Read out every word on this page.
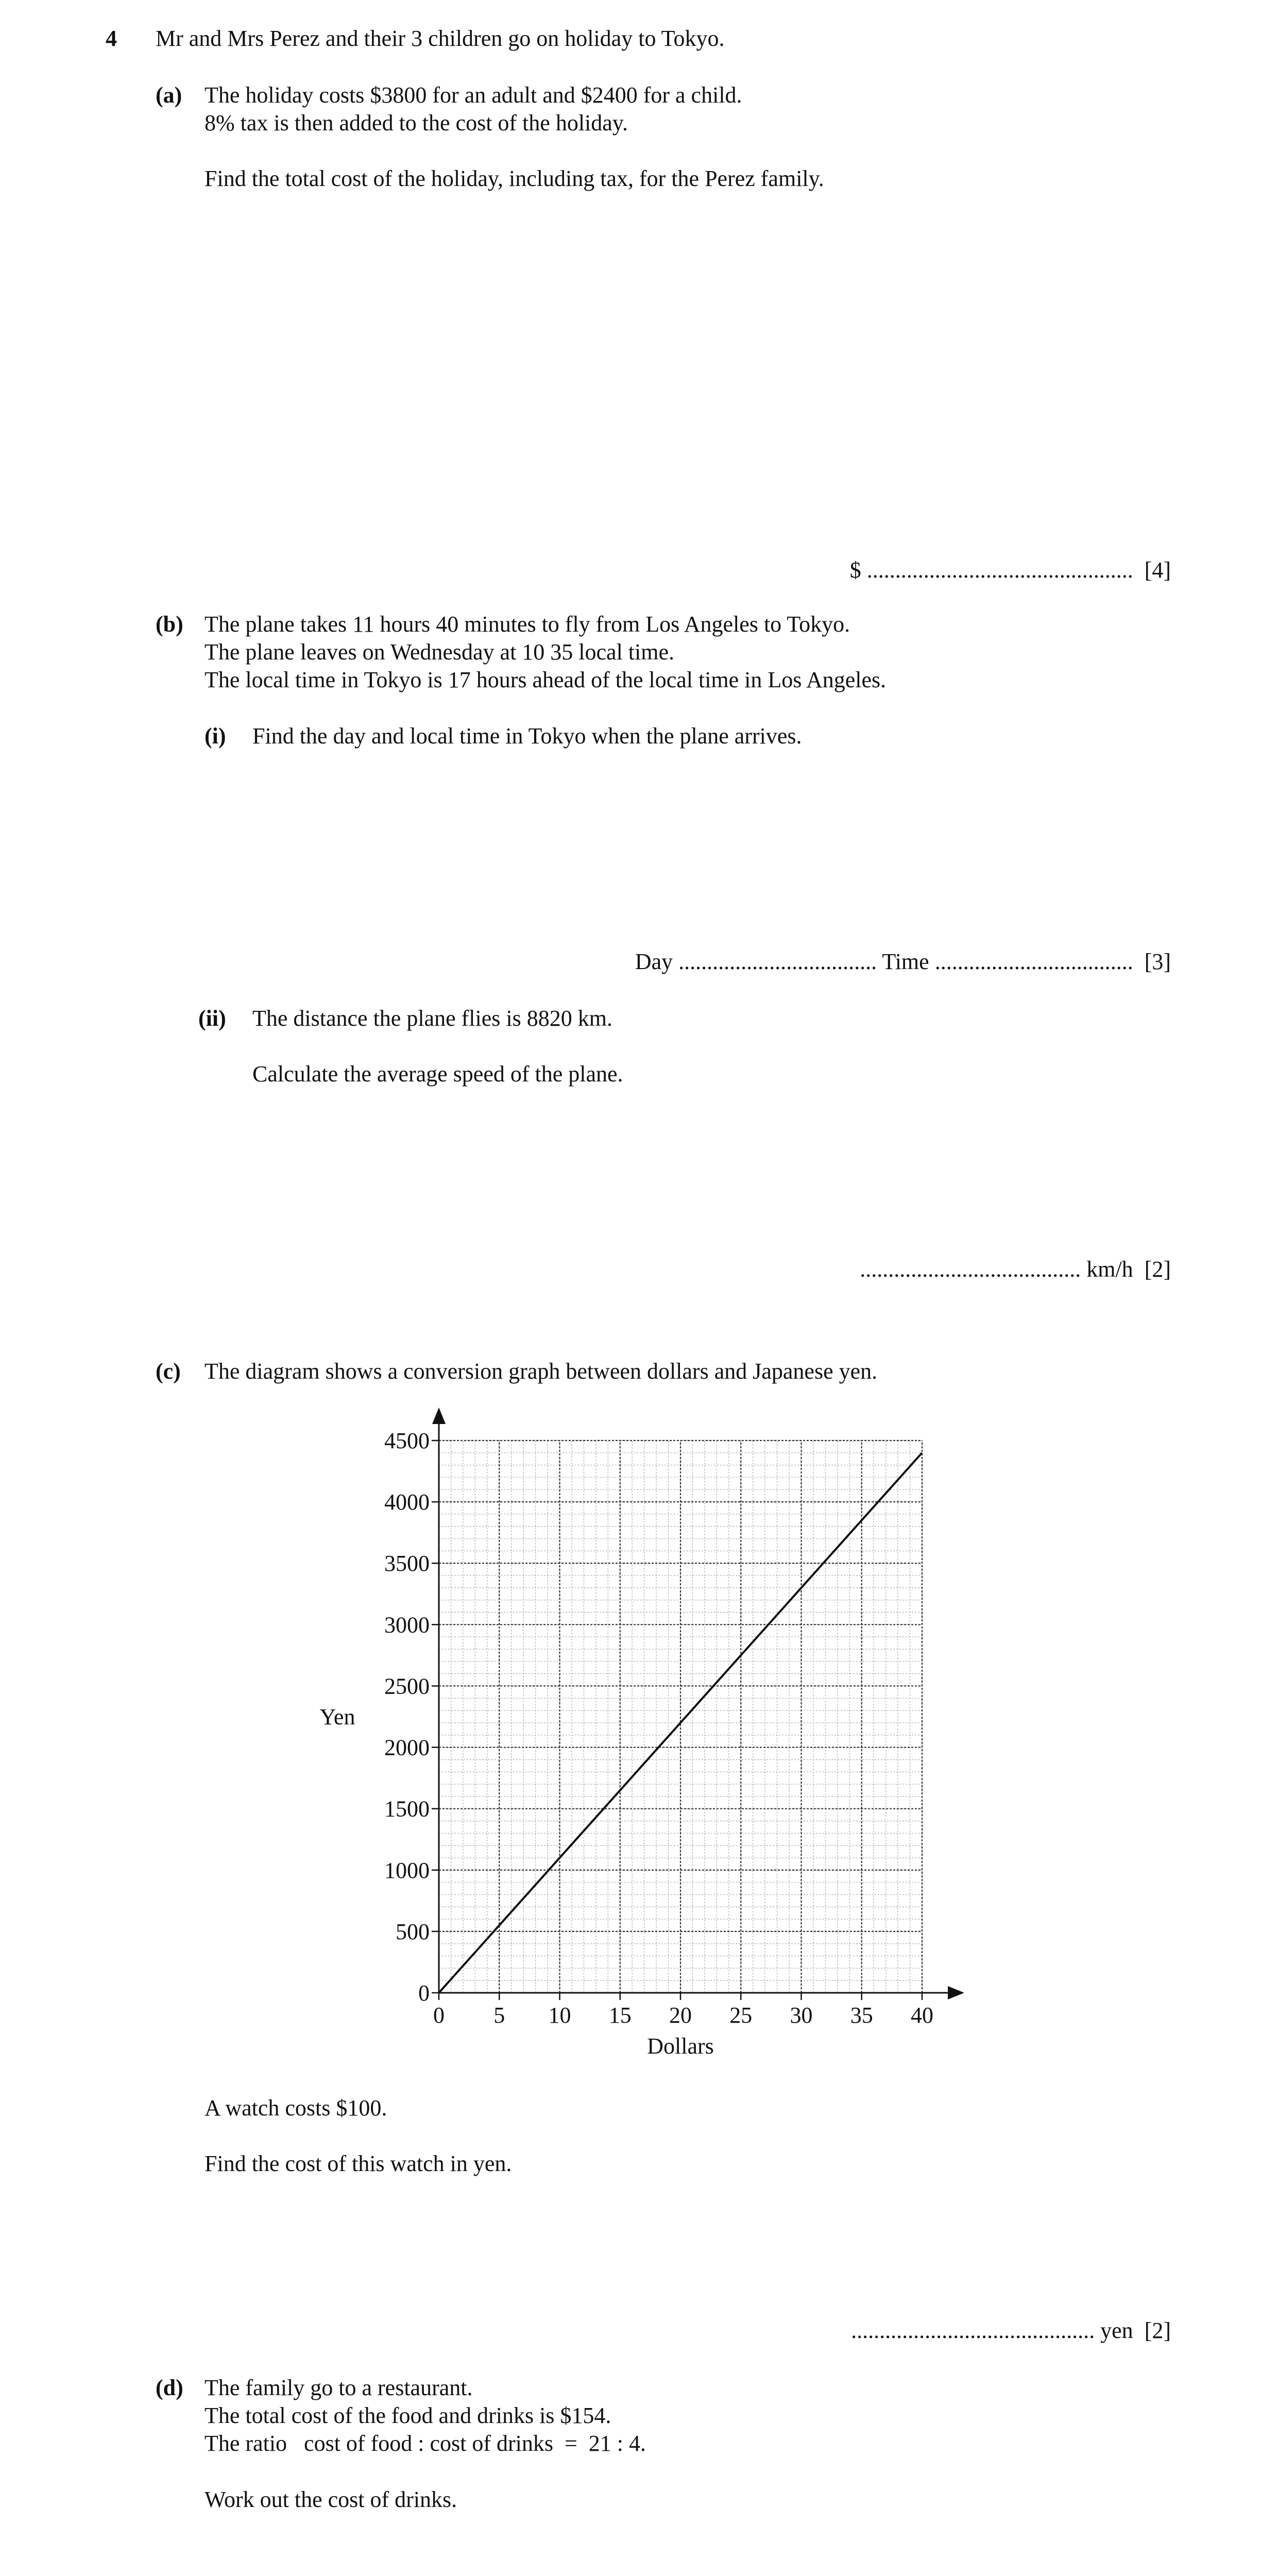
4 Mr and Mrs Perez and their 3 children go on holiday to Tokyo.
(a) The holiday costs $3800 for an adult and $2400 for a child.
8% tax is then added to the cost of the holiday.
Find the total cost of the holiday, including tax, for the Perez family.
$ ............................................... [4]
(b) The plane takes 11 hours 40 minutes to fly from Los Angeles to Tokyo.
The plane leaves on Wednesday at 10 35 local time.
The local time in Tokyo is 17 hours ahead of the local time in Los Angeles.
(i) Find the day and local time in Tokyo when the plane arrives.
Day ................................... Time ................................... [3]
(ii) The distance the plane flies is 8820 km.
Calculate the average speed of the plane.
....................................... km/h [2]
(c) The diagram shows a conversion graph between dollars and Japanese yen.
0 5 10 15 20 25 30 35 40
0
500
1000
1500
2000
2500
3000
3500
4000
4500
Dollars
Yen
A watch costs $100.
Find the cost of this watch in yen.
........................................... yen [2]
(d) The family go to a restaurant.
The total cost of the food and drinks is $154.
The ratio   cost of food : cost of drinks  =  21 : 4.
Work out the cost of drinks.
